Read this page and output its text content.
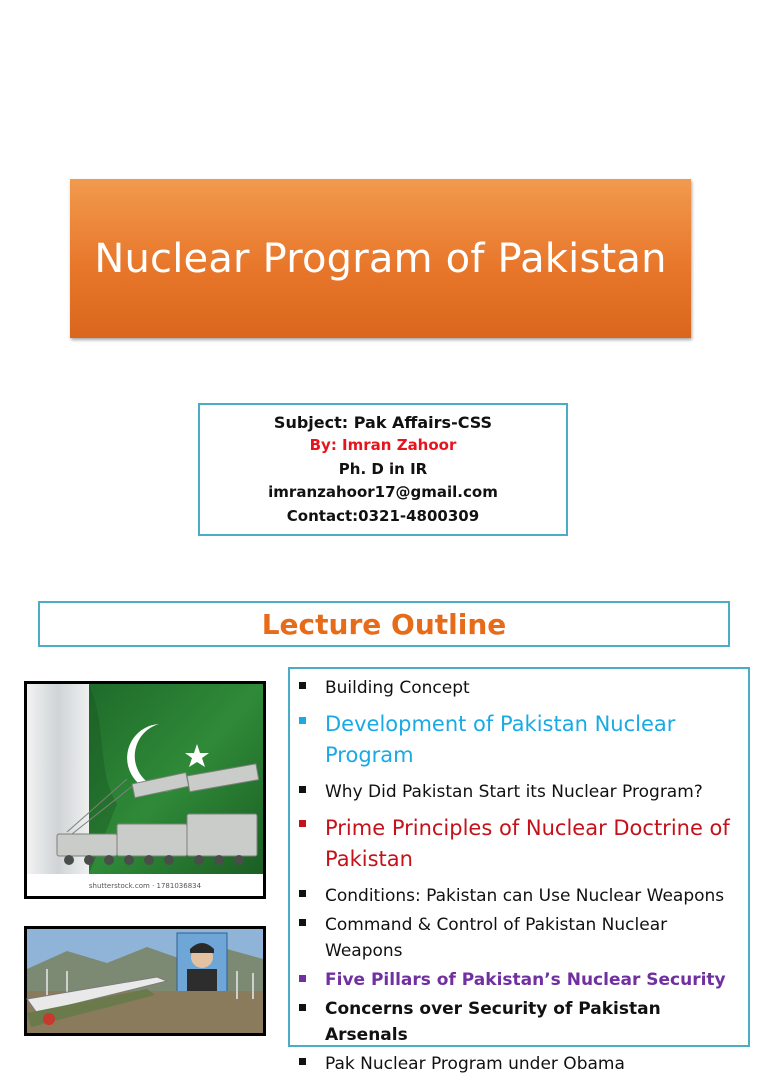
Nuclear Program of Pakistan
Subject: Pak Affairs-CSS
By: Imran Zahoor
Ph. D in IR
imranzahoor17@gmail.com
Contact:0321-4800309
Lecture Outline
shutterstock.com · 1781036834
Building Concept
Development of Pakistan Nuclear Program
Why Did Pakistan Start its Nuclear Program?
Prime Principles of Nuclear Doctrine of Pakistan
Conditions: Pakistan can Use Nuclear Weapons
Command & Control of Pakistan Nuclear Weapons
Five Pillars of Pakistan’s Nuclear Security
Concerns over Security of Pakistan Arsenals
Pak Nuclear Program under Obama
